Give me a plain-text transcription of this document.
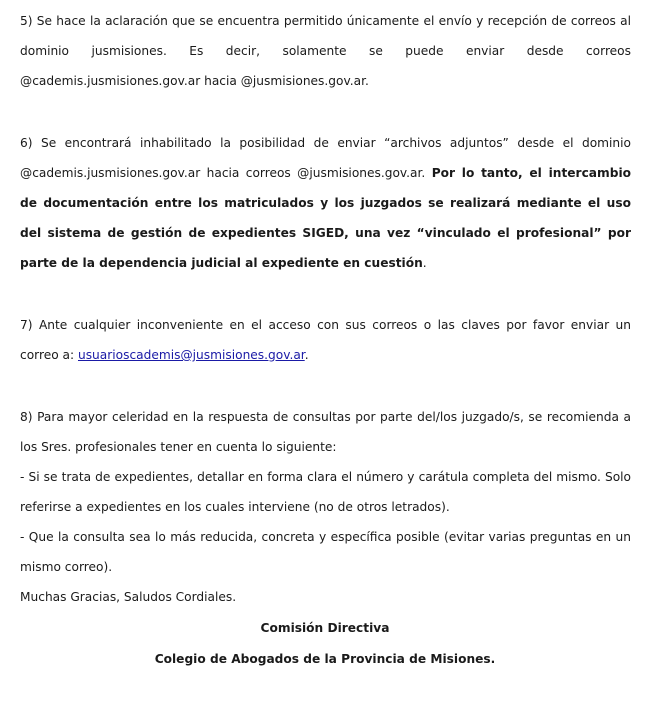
5) Se hace la aclaración que se encuentra permitido únicamente el envío y recepción de correos al dominio jusmisiones. Es decir, solamente se puede enviar desde correos @cademis.jusmisiones.gov.ar hacia @jusmisiones.gov.ar.

6) Se encontrará inhabilitado la posibilidad de enviar “archivos adjuntos” desde el dominio @cademis.jusmisiones.gov.ar hacia correos @jusmisiones.gov.ar. Por lo tanto, el intercambio de documentación entre los matriculados y los juzgados se realizará mediante el uso del sistema de gestión de expedientes SIGED, una vez “vinculado el profesional” por parte de la dependencia judicial al expediente en cuestión.

7) Ante cualquier inconveniente en el acceso con sus correos o las claves por favor enviar un correo a: usuarioscademis@jusmisiones.gov.ar.

8) Para mayor celeridad en la respuesta de consultas por parte del/los juzgado/s, se recomienda a los Sres. profesionales tener en cuenta lo siguiente:

- Si se trata de expedientes, detallar en forma clara el número y carátula completa del mismo. Solo referirse a expedientes en los cuales interviene (no de otros letrados).

- Que la consulta sea lo más reducida, concreta y específica posible (evitar varias preguntas en un mismo correo).

Muchas Gracias, Saludos Cordiales.

Comisión Directiva

Colegio de Abogados de la Provincia de Misiones.
